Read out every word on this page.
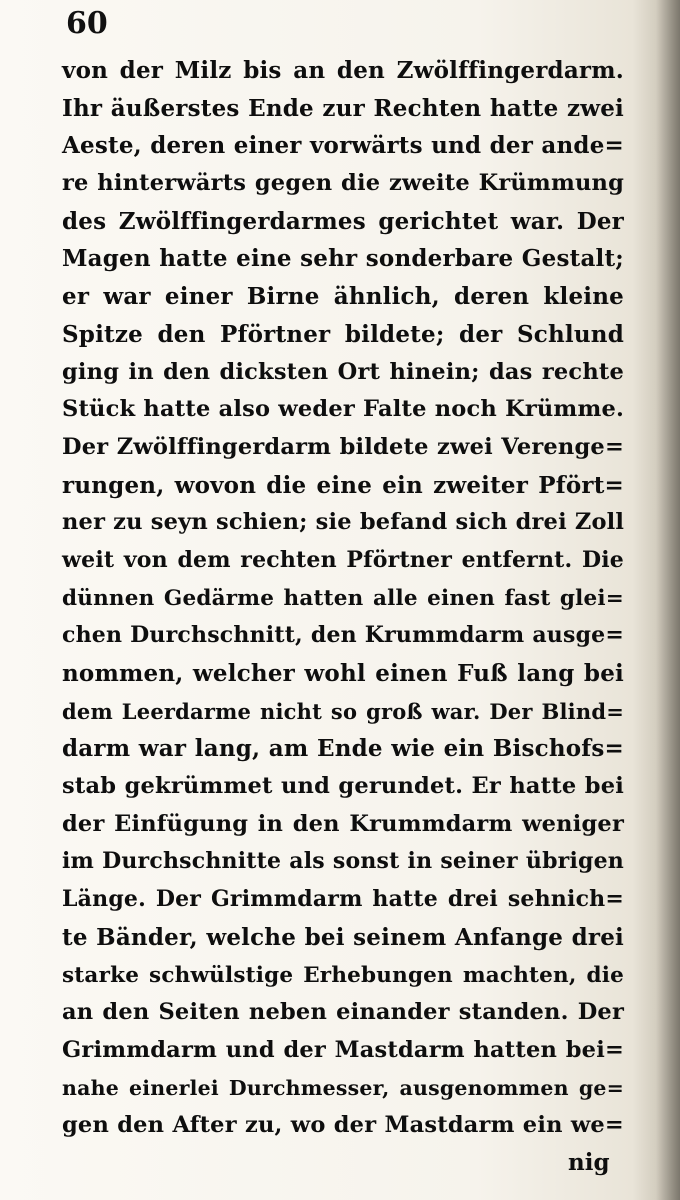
60
von der Milz bis an den Zwölffingerdarm.
Ihr äußerstes Ende zur Rechten hatte zwei
Aeste, deren einer vorwärts und der ande=
re hinterwärts gegen die zweite Krümmung
des Zwölffingerdarmes gerichtet war. Der
Magen hatte eine sehr sonderbare Gestalt;
er war einer Birne ähnlich, deren kleine
Spitze den Pförtner bildete; der Schlund
ging in den dicksten Ort hinein; das rechte
Stück hatte also weder Falte noch Krümme.
Der Zwölffingerdarm bildete zwei Verenge=
rungen, wovon die eine ein zweiter Pfört=
ner zu seyn schien; sie befand sich drei Zoll
weit von dem rechten Pförtner entfernt. Die
dünnen Gedärme hatten alle einen fast glei=
chen Durchschnitt, den Krummdarm ausge=
nommen, welcher wohl einen Fuß lang bei
dem Leerdarme nicht so groß war. Der Blind=
darm war lang, am Ende wie ein Bischofs=
stab gekrümmet und gerundet. Er hatte bei
der Einfügung in den Krummdarm weniger
im Durchschnitte als sonst in seiner übrigen
Länge. Der Grimmdarm hatte drei sehnich=
te Bänder, welche bei seinem Anfange drei
starke schwülstige Erhebungen machten, die
an den Seiten neben einander standen. Der
Grimmdarm und der Mastdarm hatten bei=
nahe einerlei Durchmesser, ausgenommen ge=
gen den After zu, wo der Mastdarm ein we=
nig
